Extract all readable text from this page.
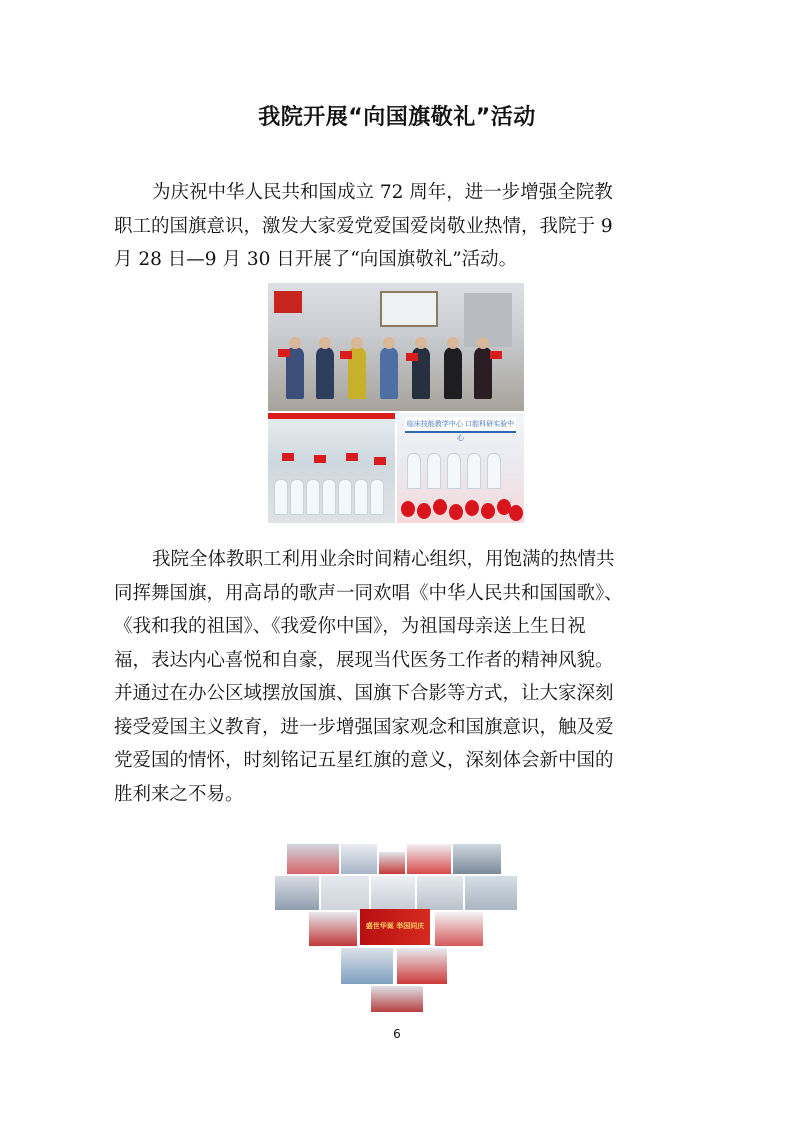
我院开展“向国旗敬礼”活动
为庆祝中华人民共和国成立 72 周年，进一步增强全院教
职工的国旗意识，激发大家爱党爱国爱岗敬业热情，我院于 9
月 28 日—9 月 30 日开展了“向国旗敬礼”活动。
临床技能教学中心 口腔科研实验中心
我院全体教职工利用业余时间精心组织，用饱满的热情共
同挥舞国旗，用高昂的歌声一同欢唱《中华人民共和国国歌》、
《我和我的祖国》、《我爱你中国》，为祖国母亲送上生日祝
福，表达内心喜悦和自豪，展现当代医务工作者的精神风貌。
并通过在办公区域摆放国旗、国旗下合影等方式，让大家深刻
接受爱国主义教育，进一步增强国家观念和国旗意识，触及爱
党爱国的情怀，时刻铭记五星红旗的意义，深刻体会新中国的
胜利来之不易。
盛世华诞 举国同庆
6
